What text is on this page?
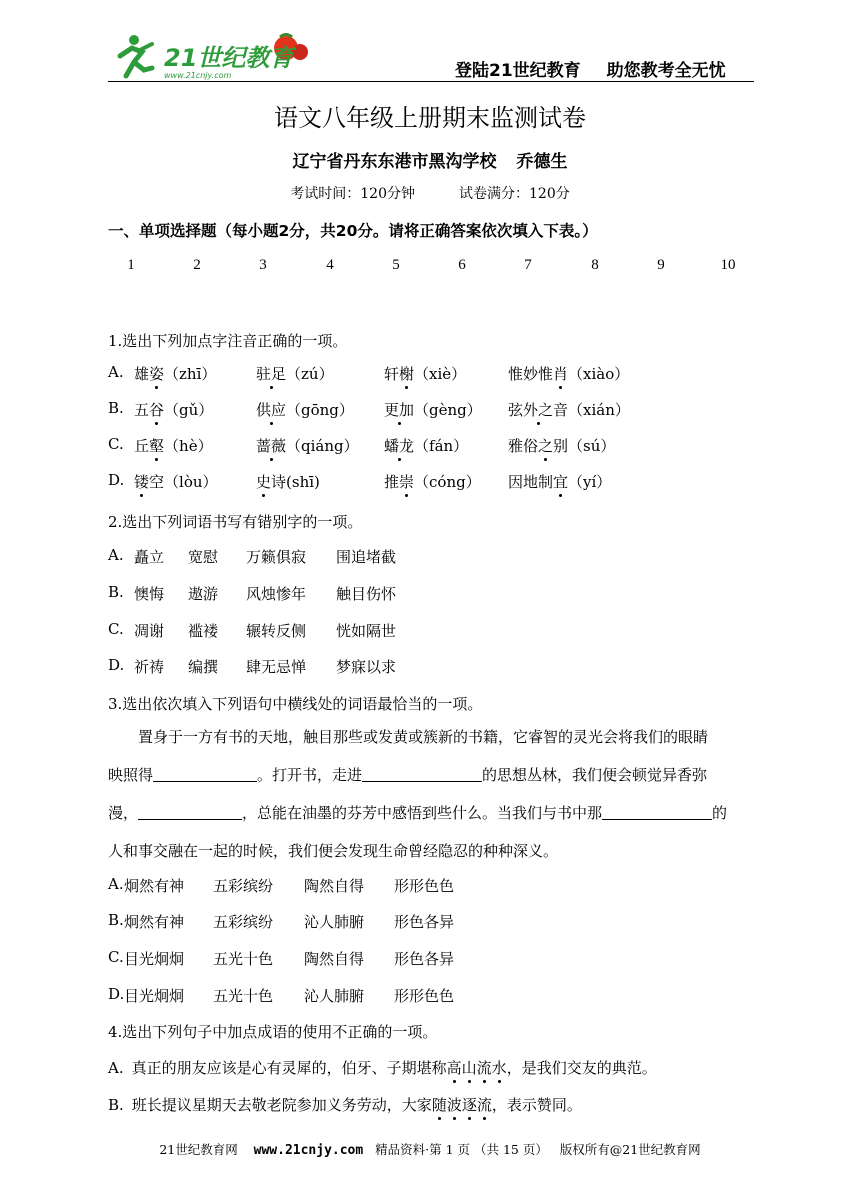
21世纪教育
www.21cnjy.com	登陆21世纪教育 助您教考全无忧
语文八年级上册期末监测试卷
辽宁省丹东东港市黑沟学校 乔德生
考试时间：120分钟	试卷满分：120分
一、单项选择题（每小题2分，共20分。请将正确答案依次填入下表。）
1	2	3	4	5	6	7	8	9	10
1.选出下列加点字注音正确的一项。
A. 雄姿（zhī）	驻足（zú）	轩榭（xiè）	惟妙惟肖（xiào）
B. 五谷（gǔ）	供应（gōng） 更加（gèng） 弦外之音（xián）
C. 丘壑（hè）	蔷薇（qiáng） 蟠龙（fán）	雅俗之别（sú）
D. 镂空（lòu）	史诗(shī)	推崇（cóng） 因地制宜（yí）
2.选出下列词语书写有错别字的一项。
A. 矗立 宽慰 万籁俱寂 围追堵截
B. 懊悔 遨游 风烛惨年 触目伤怀
C. 凋谢 褴褛 辗转反侧 恍如隔世
D. 祈祷 编撰 肆无忌惮 梦寐以求
3.选出依次填入下列语句中横线处的词语最恰当的一项。
置身于一方有书的天地，触目那些或发黄或簇新的书籍，它睿智的灵光会将我们的眼睛
映照得	。打开书，走进	的思想丛林，我们便会顿觉异香弥
漫，	，总能在油墨的芬芳中感悟到些什么。当我们与书中那	的
人和事交融在一起的时候，我们便会发现生命曾经隐忍的种种深义。
A. 炯然有神 五彩缤纷 陶然自得 形形色色
B. 炯然有神 五彩缤纷 沁人肺腑 形色各异
C. 目光炯炯 五光十色 陶然自得 形色各异
D. 目光炯炯 五光十色 沁人肺腑 形形色色
4.选出下列句子中加点成语的使用不正确的一项。
A. 真正的朋友应该是心有灵犀的，伯牙、子期堪称高山流水，是我们交友的典范。
B. 班长提议星期天去敬老院参加义务劳动，大家随波逐流，表示赞同。
21世纪教育网 www.21cnjy.com 精品资料·第 1 页 （共 15 页） 版权所有@21世纪教育网
